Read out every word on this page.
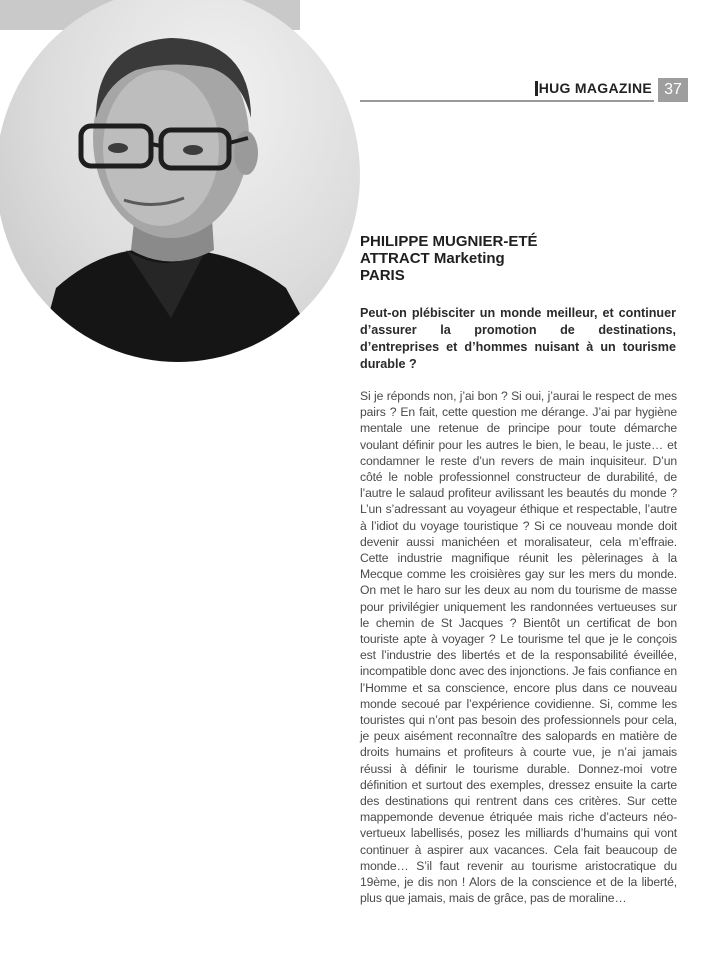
HUG MAGAZINE 37
PHILIPPE MUGNIER-ETÉ
ATTRACT Marketing
PARIS
Peut-on plébisciter un monde meilleur, et continuer d’assurer la promotion de destinations, d’entreprises et d’hommes nuisant à un tourisme durable ?
Si je réponds non, j’ai bon ? Si oui, j’aurai le respect de mes pairs ? En fait, cette question me dérange. J’ai par hygiène mentale une retenue de principe pour toute démarche voulant définir pour les autres le bien, le beau, le juste… et condamner le reste d’un revers de main inquisiteur. D’un côté le noble professionnel constructeur de durabilité, de l’autre le salaud profiteur avilissant les beautés du monde ? L’un s’adressant au voyageur éthique et respectable, l’autre à l’idiot du voyage touristique ? Si ce nouveau monde doit devenir aussi manichéen et moralisateur, cela m’effraie. Cette industrie magnifique réunit les pèlerinages à la Mecque comme les croisières gay sur les mers du monde. On met le haro sur les deux au nom du tourisme de masse pour privilégier uniquement les randonnées vertueuses sur le chemin de St Jacques ? Bientôt un certificat de bon touriste apte à voyager ? Le tourisme tel que je le conçois est l’industrie des libertés et de la responsabilité éveillée, incompatible donc avec des injonctions. Je fais confiance en l’Homme et sa conscience, encore plus dans ce nouveau monde secoué par l’expérience covidienne. Si, comme les touristes qui n’ont pas besoin des professionnels pour cela, je peux aisément reconnaître des salopards en matière de droits humains et profiteurs à courte vue, je n’ai jamais réussi à définir le tourisme durable. Donnez-moi votre définition et surtout des exemples, dressez ensuite la carte des destinations qui rentrent dans ces critères. Sur cette mappemonde devenue étriquée mais riche d’acteurs néo-vertueux labellisés, posez les milliards d’humains qui vont continuer à aspirer aux vacances. Cela fait beaucoup de monde… S’il faut revenir au tourisme aristocratique du 19ème, je dis non ! Alors de la conscience et de la liberté, plus que jamais, mais de grâce, pas de moraline…
